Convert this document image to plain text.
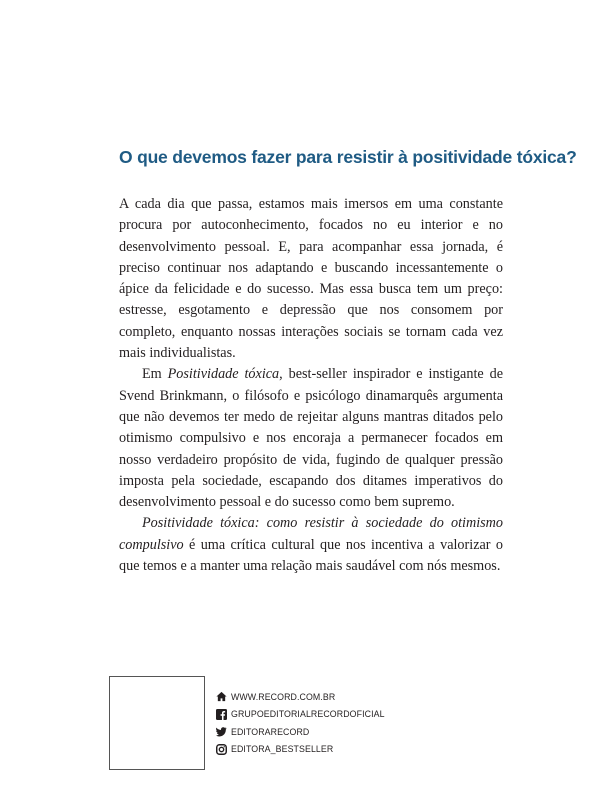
O que devemos fazer para resistir à positividade tóxica?

A cada dia que passa, estamos mais imersos em uma constante procura por autoconhecimento, focados no eu interior e no desenvolvimento pessoal. E, para acompanhar essa jornada, é preciso continuar nos adaptando e buscando incessantemente o ápice da felicidade e do sucesso. Mas essa busca tem um preço: estresse, esgotamento e depressão que nos consomem por completo, enquanto nossas interações sociais se tornam cada vez mais individualistas.

Em Positividade tóxica, best-seller inspirador e instigante de Svend Brinkmann, o filósofo e psicólogo dinamarquês argumenta que não devemos ter medo de rejeitar alguns mantras ditados pelo otimismo compulsivo e nos encoraja a permanecer focados em nosso verdadeiro propósito de vida, fugindo de qualquer pressão imposta pela sociedade, escapando dos ditames imperativos do desenvolvimento pessoal e do sucesso como bem supremo.

Positividade tóxica: como resistir à sociedade do otimismo compulsivo é uma crítica cultural que nos incentiva a valorizar o que temos e a manter uma relação mais saudável com nós mesmos.

WWW.RECORD.COM.BR
GRUPOEDITORIALRECORDOFICIAL
EDITORARECORD
EDITORA_BESTSELLER
